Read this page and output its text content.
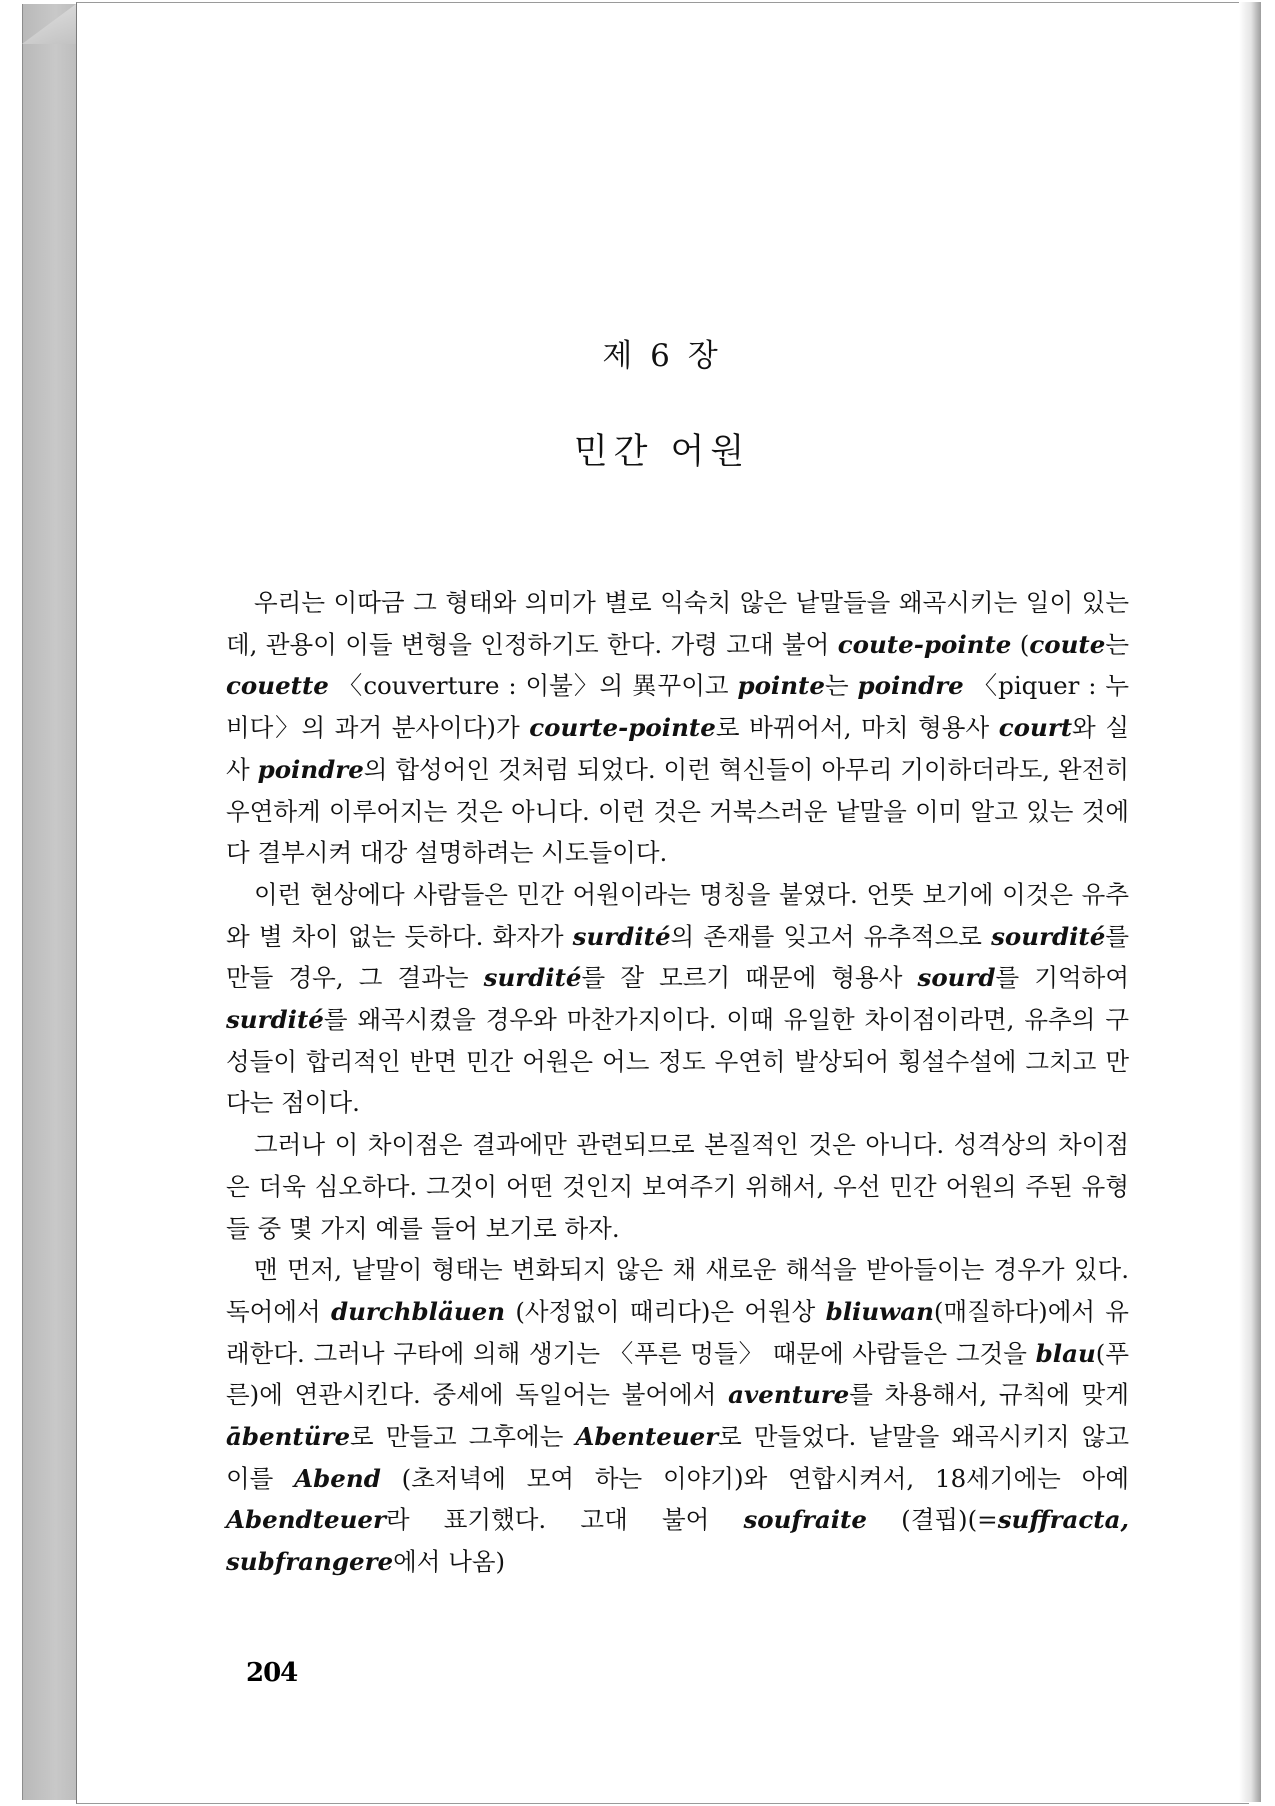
제 6 장
민간 어원

우리는 이따금 그 형태와 의미가 별로 익숙치 않은 낱말들을 왜곡시키는 일이 있는데, 관용이 이들 변형을 인정하기도 한다. 가령 고대 불어 coute-pointe (coute는 couette 〈couverture : 이불〉의 異꾸이고 pointe는 poindre 〈piquer : 누비다〉의 과거 분사이다)가 courte-pointe로 바뀌어서, 마치 형용사 court와 실사 poindre의 합성어인 것처럼 되었다. 이런 혁신들이 아무리 기이하더라도, 완전히 우연하게 이루어지는 것은 아니다. 이런 것은 거북스러운 낱말을 이미 알고 있는 것에다 결부시켜 대강 설명하려는 시도들이다.

이런 현상에다 사람들은 민간 어원이라는 명칭을 붙였다. 언뜻 보기에 이것은 유추와 별 차이 없는 듯하다. 화자가 surdité의 존재를 잊고서 유추적으로 sourdité를 만들 경우, 그 결과는 surdité를 잘 모르기 때문에 형용사 sourd를 기억하여 surdité를 왜곡시켰을 경우와 마찬가지이다. 이때 유일한 차이점이라면, 유추의 구성들이 합리적인 반면 민간 어원은 어느 정도 우연히 발상되어 횡설수설에 그치고 만다는 점이다.

그러나 이 차이점은 결과에만 관련되므로 본질적인 것은 아니다. 성격상의 차이점은 더욱 심오하다. 그것이 어떤 것인지 보여주기 위해서, 우선 민간 어원의 주된 유형들 중 몇 가지 예를 들어 보기로 하자.

맨 먼저, 낱말이 형태는 변화되지 않은 채 새로운 해석을 받아들이는 경우가 있다. 독어에서 durchbläuen (사정없이 때리다)은 어원상 bliuwan(매질하다)에서 유래한다. 그러나 구타에 의해 생기는 〈푸른 멍들〉 때문에 사람들은 그것을 blau(푸른)에 연관시킨다. 중세에 독일어는 불어에서 aventure를 차용해서, 규칙에 맞게 ābentüre로 만들고 그후에는 Abenteuer로 만들었다. 낱말을 왜곡시키지 않고 이를 Abend (초저녁에 모여 하는 이야기)와 연합시켜서, 18세기에는 아예 Abendteuer라 표기했다. 고대 불어 soufraite (결핍)(=suffracta, subfrangere에서 나옴)

204
